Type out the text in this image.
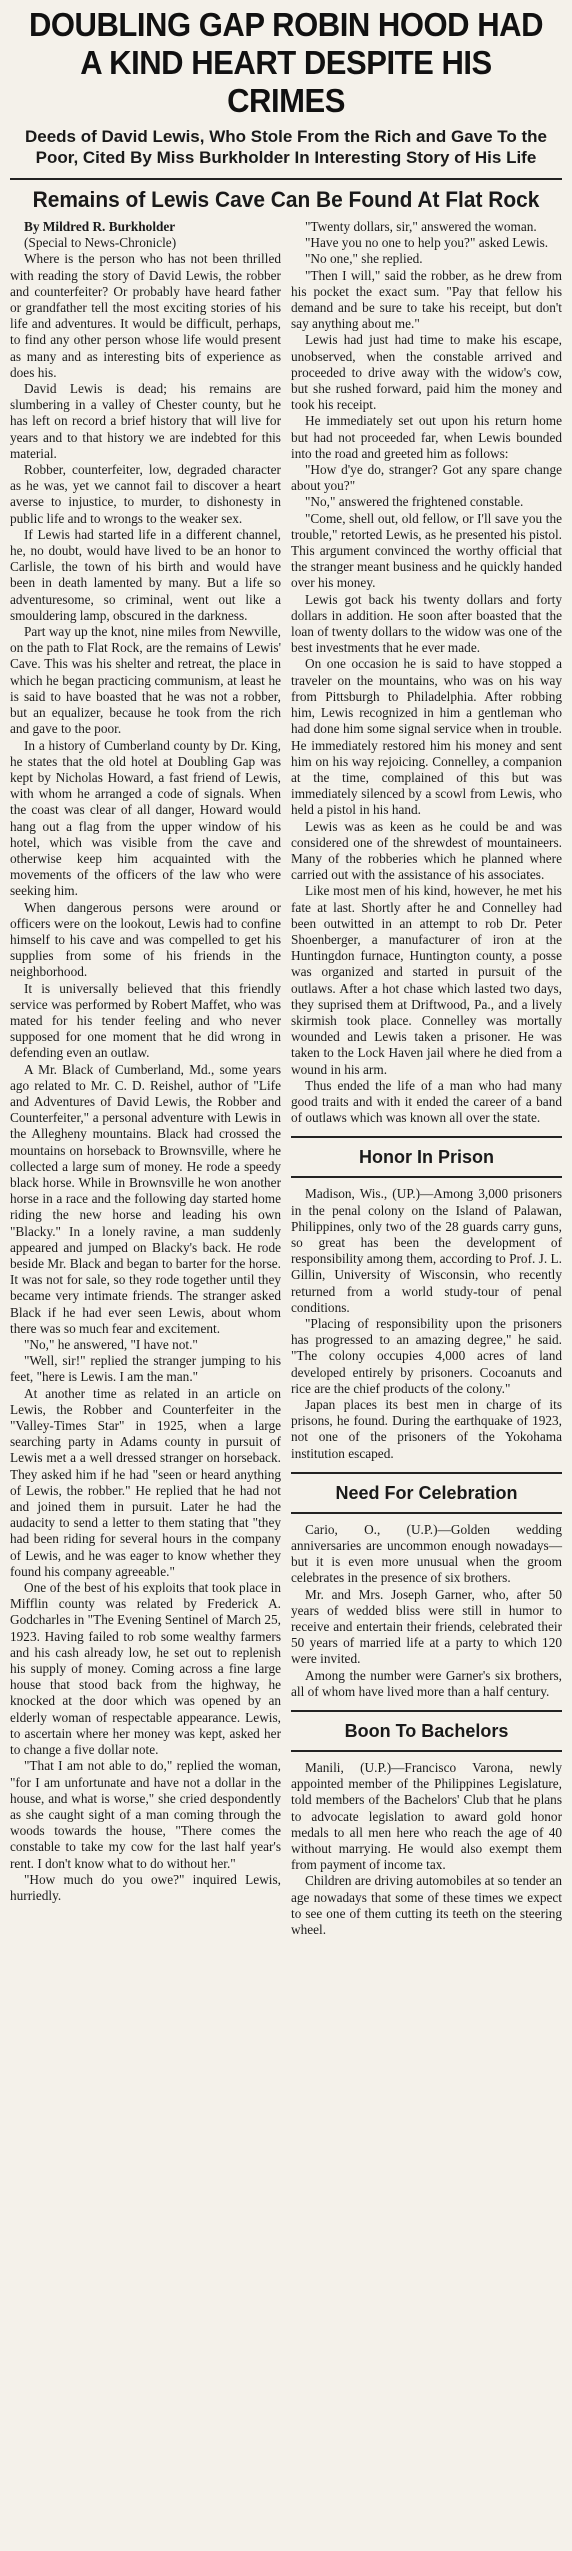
DOUBLING GAP ROBIN HOOD HAD A KIND HEART DESPITE HIS CRIMES
Deeds of David Lewis, Who Stole From the Rich and Gave To the Poor, Cited By Miss Burkholder In Interesting Story of His Life
Remains of Lewis Cave Can Be Found At Flat Rock
By Mildred R. Burkholder
(Special to News-Chronicle)

Where is the person who has not been thrilled with reading the story of David Lewis, the robber and counterfeiter? Or probably have heard father or grandfather tell the most exciting stories of his life and adventures. It would be difficult, perhaps, to find any other person whose life would present as many and as interesting bits of experience as does his.

David Lewis is dead; his remains are slumbering in a valley of Chester county, but he has left on record a brief history that will live for years and to that history we are indebted for this material.

Robber, counterfeiter, low, degraded character as he was, yet we cannot fail to discover a heart averse to injustice, to murder, to dishonesty in public life and to wrongs to the weaker sex.

If Lewis had started life in a different channel, he, no doubt, would have lived to be an honor to Carlisle, the town of his birth and would have been in death lamented by many. But a life so adventuresome, so criminal, went out like a smouldering lamp, obscured in the darkness.

Part way up the knot, nine miles from Newville, on the path to Flat Rock, are the remains of Lewis' Cave. This was his shelter and retreat, the place in which he began practicing communism, at least he is said to have boasted that he was not a robber, but an equalizer, because he took from the rich and gave to the poor.

In a history of Cumberland county by Dr. King, he states that the old hotel at Doubling Gap was kept by Nicholas Howard, a fast friend of Lewis, with whom he arranged a code of signals. When the coast was clear of all danger, Howard would hang out a flag from the upper window of his hotel, which was visible from the cave and otherwise keep him acquainted with the movements of the officers of the law who were seeking him.

When dangerous persons were around or officers were on the lookout, Lewis had to confine himself to his cave and was compelled to get his supplies from some of his friends in the neighborhood.

It is universally believed that this friendly service was performed by Robert Maffet, who was mated for his tender feeling and who never supposed for one moment that he did wrong in defending even an outlaw.

A Mr. Black of Cumberland, Md., some years ago related to Mr. C. D. Reishel, author of "Life and Adventures of David Lewis, the Robber and Counterfeiter," a personal adventure with Lewis in the Allegheny mountains. Black had crossed the mountains on horseback to Brownsville, where he collected a large sum of money. He rode a speedy black horse. While in Brownsville he won another horse in a race and the following day started home riding the new horse and leading his own "Blacky." In a lonely ravine, a man suddenly appeared and jumped on Blacky's back. He rode beside Mr. Black and began to barter for the horse. It was not for sale, so they rode together until they became very intimate friends. The stranger asked Black if he had ever seen Lewis, about whom there was so much fear and excitement.

"No," he answered, "I have not."

"Well, sir!" replied the stranger jumping to his feet, "here is Lewis. I am the man."

At another time as related in an article on Lewis, the Robber and Counterfeiter in the "Valley-Times Star" in 1925, when a large searching party in Adams county in pursuit of Lewis met a a well dressed stranger on horseback. They asked him if he had "seen or heard anything of Lewis, the robber." He replied that he had not and joined them in pursuit. Later he had the audacity to send a letter to them stating that "they had been riding for several hours in the company of Lewis, and he was eager to know whether they found his company agreeable."

One of the best of his exploits that took place in Mifflin county was related by Frederick A. Godcharles in "The Evening Sentinel of March 25, 1923. Having failed to rob some wealthy farmers and his cash already low, he set out to replenish his supply of money. Coming across a fine large house that stood back from the highway, he knocked at the door which was opened by an elderly woman of respectable appearance. Lewis, to ascertain where her money was kept, asked her to change a five dollar note.

"That I am not able to do," replied the woman, "for I am unfortunate and have not a dollar in the house, and what is worse," she cried despondently as she caught sight of a man coming through the woods towards the house, "There comes the constable to take my cow for the last half year's rent. I don't know what to do without her."

"How much do you owe?" inquired Lewis, hurriedly.

"Twenty dollars, sir," answered the woman.

"Have you no one to help you?" asked Lewis.

"No one," she replied.

"Then I will," said the robber, as he drew from his pocket the exact sum. "Pay that fellow his demand and be sure to take his receipt, but don't say anything about me."

Lewis had just had time to make his escape, unobserved, when the constable arrived and proceeded to drive away with the widow's cow, but she rushed forward, paid him the money and took his receipt.

He immediately set out upon his return home but had not proceeded far, when Lewis bounded into the road and greeted him as follows:

"How d'ye do, stranger? Got any spare change about you?"

"No," answered the frightened constable.

"Come, shell out, old fellow, or I'll save you the trouble," retorted Lewis, as he presented his pistol. This argument convinced the worthy official that the stranger meant business and he quickly handed over his money.

Lewis got back his twenty dollars and forty dollars in addition. He soon after boasted that the loan of twenty dollars to the widow was one of the best investments that he ever made.

On one occasion he is said to have stopped a traveler on the mountains, who was on his way from Pittsburgh to Philadelphia. After robbing him, Lewis recognized in him a gentleman who had done him some signal service when in trouble. He immediately restored him his money and sent him on his way rejoicing. Connelley, a companion at the time, complained of this but was immediately silenced by a scowl from Lewis, who held a pistol in his hand.

Lewis was as keen as he could be and was considered one of the shrewdest of mountaineers. Many of the robberies which he planned where carried out with the assistance of his associates.

Like most men of his kind, however, he met his fate at last. Shortly after he and Connelley had been outwitted in an attempt to rob Dr. Peter Shoenberger, a manufacturer of iron at the Huntingdon furnace, Huntington county, a posse was organized and started in pursuit of the outlaws. After a hot chase which lasted two days, they suprised them at Driftwood, Pa., and a lively skirmish took place. Connelley was mortally wounded and Lewis taken a prisoner. He was taken to the Lock Haven jail where he died from a wound in his arm.

Thus ended the life of a man who had many good traits and with it ended the career of a band of outlaws which was known all over the state.

Honor In Prison

Madison, Wis., (UP.)—Among 3,000 prisoners in the penal colony on the Island of Palawan, Philippines, only two of the 28 guards carry guns, so great has been the development of responsibility among them, according to Prof. J. L. Gillin, University of Wisconsin, who recently returned from a world study-tour of penal conditions.

"Placing of responsibility upon the prisoners has progressed to an amazing degree," he said. "The colony occupies 4,000 acres of land developed entirely by prisoners. Cocoanuts and rice are the chief products of the colony."

Japan places its best men in charge of its prisons, he found. During the earthquake of 1923, not one of the prisoners of the Yokohama institution escaped.

Need For Celebration

Cario, O., (U.P.)—Golden wedding anniversaries are uncommon enough nowadays—but it is even more unusual when the groom celebrates in the presence of six brothers.

Mr. and Mrs. Joseph Garner, who, after 50 years of wedded bliss were still in humor to receive and entertain their friends, celebrated their 50 years of married life at a party to which 120 were invited.

Among the number were Garner's six brothers, all of whom have lived more than a half century.

Boon To Bachelors

Manili, (U.P.)—Francisco Varona, newly appointed member of the Philippines Legislature, told members of the Bachelors' Club that he plans to advocate legislation to award gold honor medals to all men here who reach the age of 40 without marrying. He would also exempt them from payment of income tax.

Children are driving automobiles at so tender an age nowadays that some of these times we expect to see one of them cutting its teeth on the steering wheel.
